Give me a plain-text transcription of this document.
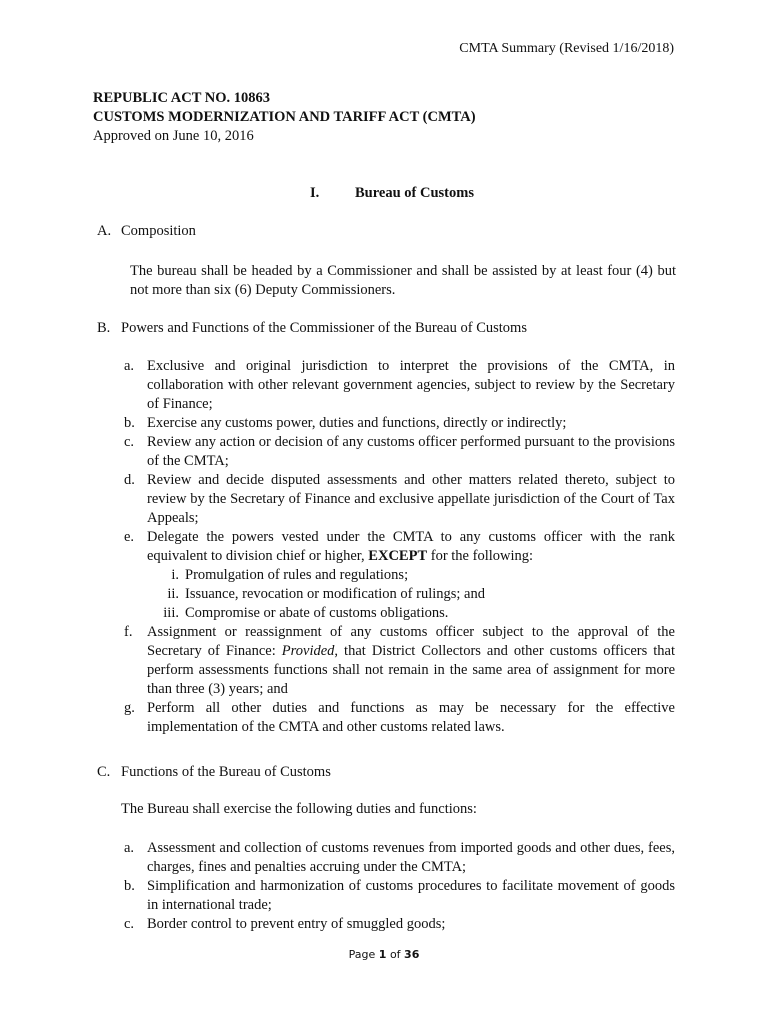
CMTA Summary (Revised 1/16/2018)
REPUBLIC ACT NO. 10863
CUSTOMS MODERNIZATION AND TARIFF ACT (CMTA)
Approved on June 10, 2016
I. Bureau of Customs
A. Composition
The bureau shall be headed by a Commissioner and shall be assisted by at least four (4) but not more than six (6) Deputy Commissioners.
B. Powers and Functions of the Commissioner of the Bureau of Customs
a. Exclusive and original jurisdiction to interpret the provisions of the CMTA, in collaboration with other relevant government agencies, subject to review by the Secretary of Finance;
b. Exercise any customs power, duties and functions, directly or indirectly;
c. Review any action or decision of any customs officer performed pursuant to the provisions of the CMTA;
d. Review and decide disputed assessments and other matters related thereto, subject to review by the Secretary of Finance and exclusive appellate jurisdiction of the Court of Tax Appeals;
e. Delegate the powers vested under the CMTA to any customs officer with the rank equivalent to division chief or higher, EXCEPT for the following:
i. Promulgation of rules and regulations;
ii. Issuance, revocation or modification of rulings; and
iii. Compromise or abate of customs obligations.
f.	Assignment or reassignment of any customs officer subject to the approval of the Secretary of Finance: Provided, that District Collectors and other customs officers that perform assessments functions shall not remain in the same area of assignment for more than three (3) years; and
g. Perform all other duties and functions as may be necessary for the effective implementation of the CMTA and other customs related laws.
C. Functions of the Bureau of Customs
The Bureau shall exercise the following duties and functions:
a. Assessment and collection of customs revenues from imported goods and other dues, fees, charges, fines and penalties accruing under the CMTA;
b. Simplification and harmonization of customs procedures to facilitate movement of goods in international trade;
c. Border control to prevent entry of smuggled goods;
Page 1 of 36
